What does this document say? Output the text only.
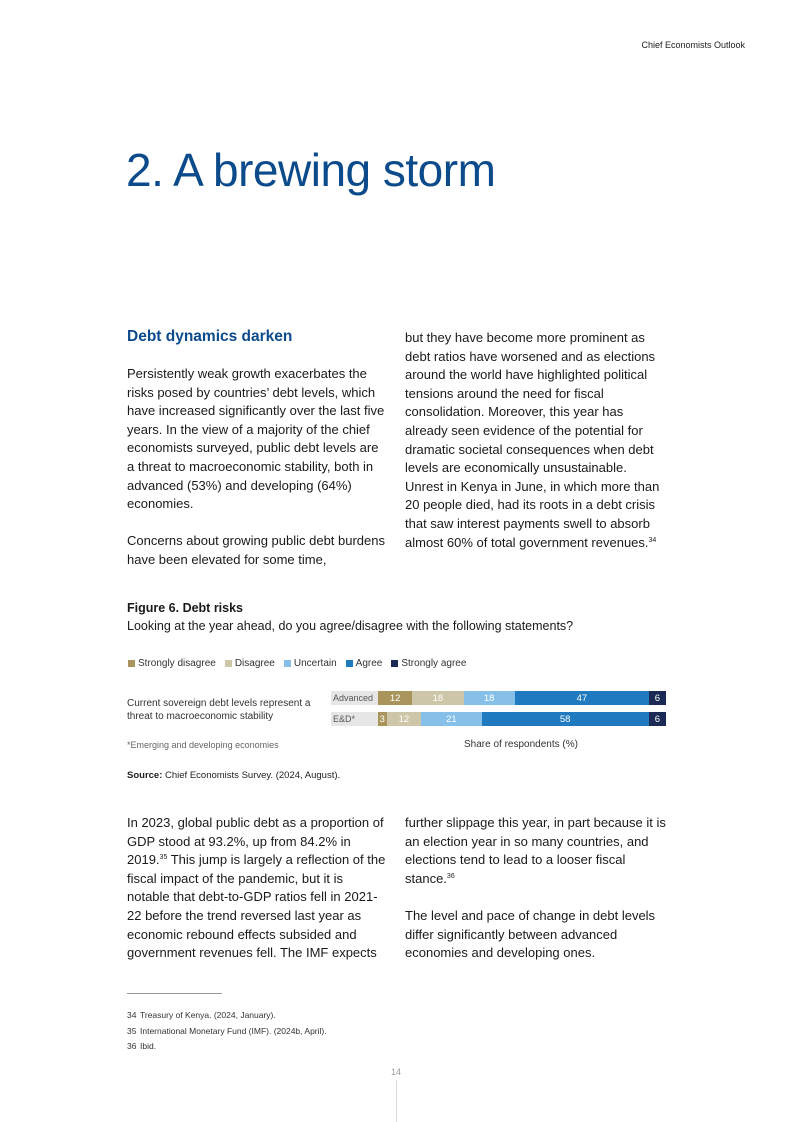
Chief Economists Outlook
2. A brewing storm
Debt dynamics darken

Persistently weak growth exacerbates the risks posed by countries’ debt levels, which have increased significantly over the last five years. In the view of a majority of the chief economists surveyed, public debt levels are a threat to macroeconomic stability, both in advanced (53%) and developing (64%) economies.

Concerns about growing public debt burdens have been elevated for some time,

but they have become more prominent as debt ratios have worsened and as elections around the world have highlighted political tensions around the need for fiscal consolidation. Moreover, this year has already seen evidence of the potential for dramatic societal consequences when debt levels are economically unsustainable. Unrest in Kenya in June, in which more than 20 people died, had its roots in a debt crisis that saw interest payments swell to absorb almost 60% of total government revenues.$^{34}$

Figure 6. Debt risks
Looking at the year ahead, do you agree/disagree with the following statements?
Strongly disagree Disagree Uncertain Agree Strongly agree
Current sovereign debt levels represent a threat to macroeconomic stability
Advanced	12	18	18	47	6
E&D*	3	12	21	58	6
*Emerging and developing economies	Share of respondents (%)
Source: Chief Economists Survey. (2024, August).

In 2023, global public debt as a proportion of GDP stood at 93.2%, up from 84.2% in 2019.35 This jump is largely a reflection of the fiscal impact of the pandemic, but it is notable that debt-to-GDP ratios fell in 2021-22 before the trend reversed last year as economic rebound effects subsided and government revenues fell. The IMF expects

further slippage this year, in part because it is an election year in so many countries, and elections tend to lead to a looser fiscal stance.$^{36}$

The level and pace of change in debt levels differ significantly between advanced economies and developing ones.

34 Treasury of Kenya. (2024, January).
35 International Monetary Fund (IMF). (2024b, April).
36 Ibid.
14
